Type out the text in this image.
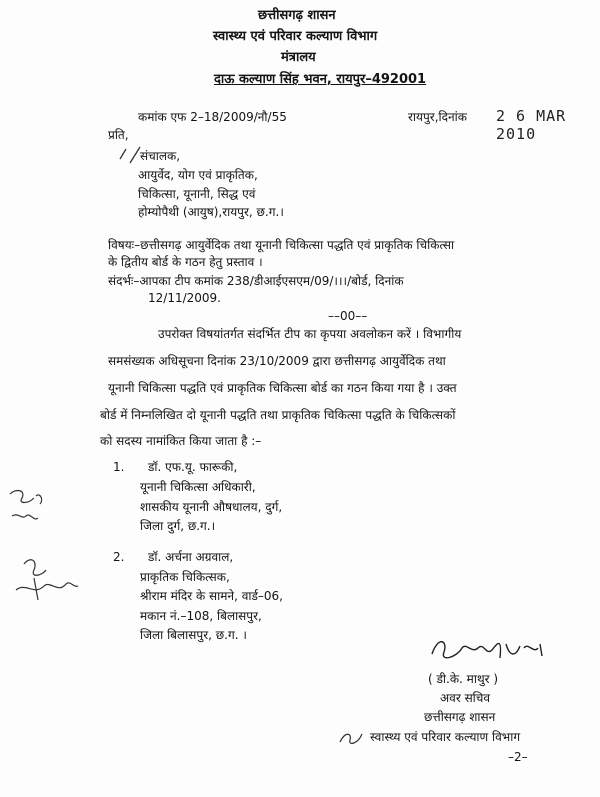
छत्तीसगढ़ शासन
स्वास्थ्य एवं परिवार कल्याण विभाग
मंत्रालय
दाऊ कल्याण सिंह भवन, रायपुर–492001
कमांक एफ 2–18/2009/नौ/55	रायपुर,दिनांक 2 6 MAR 2010
प्रति,
संचालक,
आयुर्वेद, योग एवं प्राकृतिक,
चिकित्सा, यूनानी, सिद्ध एवं
होम्योपैथी (आयुष),रायपुर, छ.ग.।
विषयः–छत्तीसगढ़ आयुर्वेदिक तथा यूनानी चिकित्सा पद्धति एवं प्राकृतिक चिकित्सा
के द्वितीय बोर्ड के गठन हेतु प्रस्ताव ।
संदर्भः–आपका टीप कमांक 238/डीआईएसएम/09/।।।/बोर्ड, दिनांक
12/11/2009.
––00––
उपरोक्त विषयांतर्गत संदर्भित टीप का कृपया अवलोकन करें । विभागीय
समसंख्यक अधिसूचना दिनांक 23/10/2009 द्वारा छत्तीसगढ़ आयुर्वेदिक तथा
यूनानी चिकित्सा पद्धति एवं प्राकृतिक चिकित्सा बोर्ड का गठन किया गया है । उक्त
बोर्ड में निम्नलिखित दो यूनानी पद्धति तथा प्राकृतिक चिकित्सा पद्धति के चिकित्सकों
को सदस्य नामांकित किया जाता है :–
1. डॉ. एफ.यू. फारूकी,
यूनानी चिकित्सा अधिकारी,
शासकीय यूनानी औषधालय, दुर्ग,
जिला दुर्ग, छ.ग.।
2. डॉ. अर्चना अग्रवाल,
प्राकृतिक चिकित्सक,
श्रीराम मंदिर के सामने, वार्ड–06,
मकान नं.–108, बिलासपुर,
जिला बिलासपुर, छ.ग. ।
( डी.के. माथुर )
अवर सचिव
छत्तीसगढ़ शासन
स्वास्थ्य एवं परिवार कल्याण विभाग
–2–
